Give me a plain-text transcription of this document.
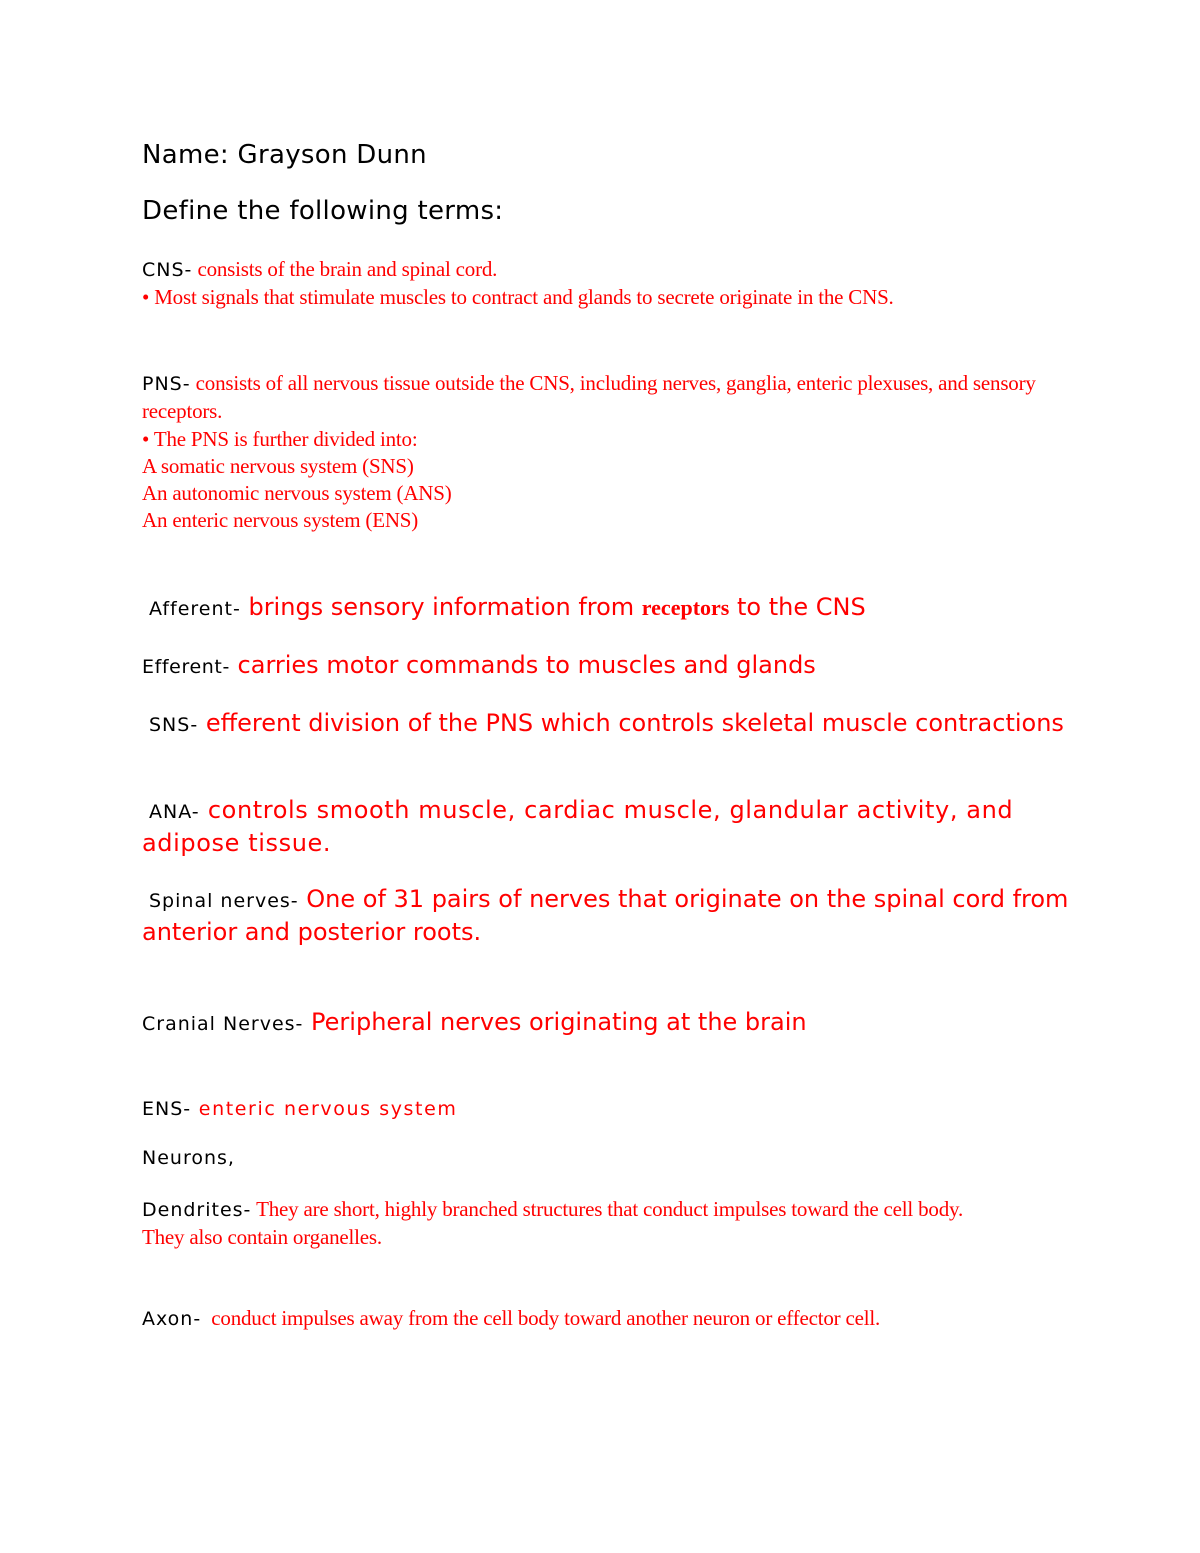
Name: Grayson Dunn

Define the following terms:

CNS- consists of the brain and spinal cord.
• Most signals that stimulate muscles to contract and glands to secrete originate in the CNS.
PNS- consists of all nervous tissue outside the CNS, including nerves, ganglia, enteric plexuses, and sensory receptors.
• The PNS is further divided into:
A somatic nervous system (SNS)
An autonomic nervous system (ANS)
An enteric nervous system (ENS)
Afferent- brings sensory information from receptors to the CNS
Efferent- carries motor commands to muscles and glands
SNS- efferent division of the PNS which controls skeletal muscle contractions
ANA- controls smooth muscle, cardiac muscle, glandular activity, and adipose tissue.
Spinal nerves- One of 31 pairs of nerves that originate on the spinal cord from anterior and posterior roots.
Cranial Nerves- Peripheral nerves originating at the brain
ENS- enteric nervous system
Neurons,
Dendrites- They are short, highly branched structures that conduct impulses toward the cell body.
They also contain organelles.
Axon-  conduct impulses away from the cell body toward another neuron or effector cell.
